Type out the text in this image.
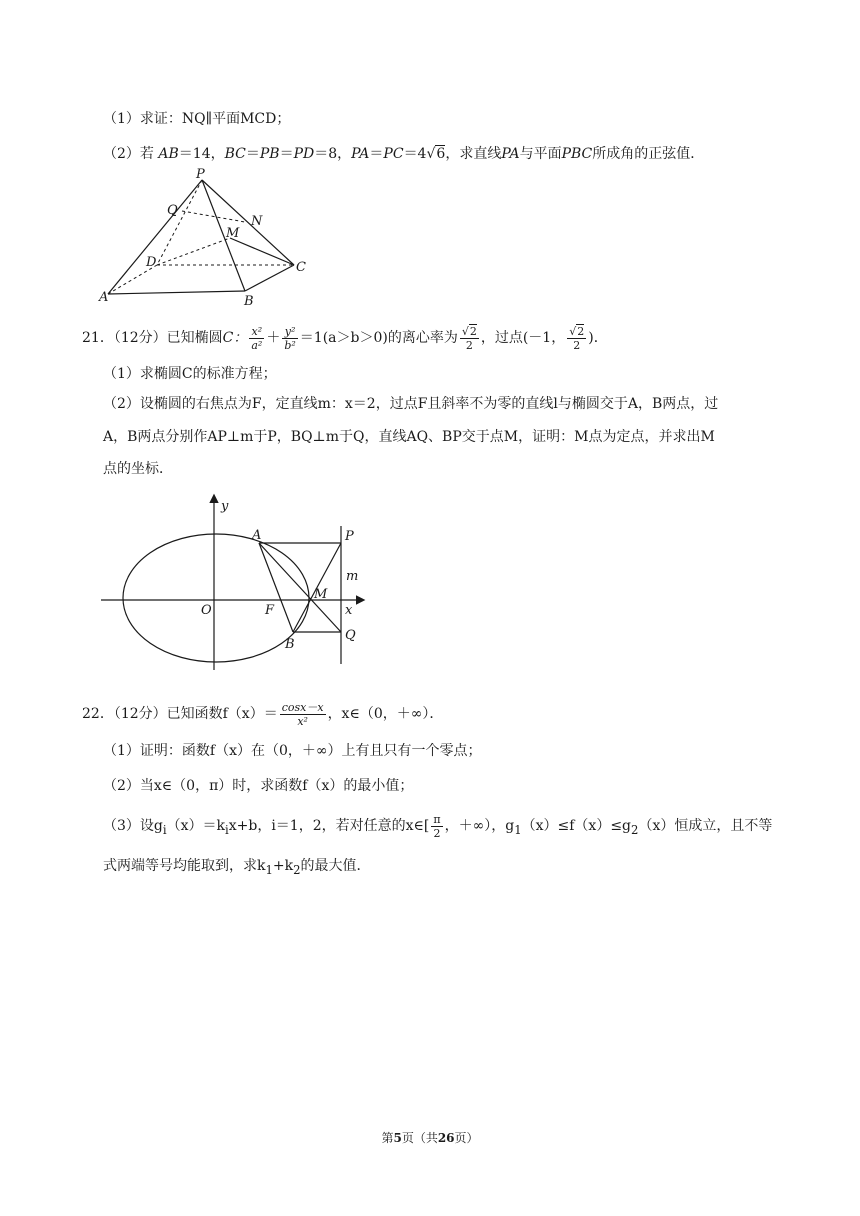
（1）求证：NQ∥平面MCD；
（2）若 AB＝14，BC＝PB＝PD＝8，PA＝PC＝4√6，求直线PA与平面PBC所成角的正弦值．
P
Q
N
M
D	C
A	B
21．（12分）已知椭圆C： $\frac{\text{x²}}{\text{a²}} + \frac{\text{y²}}{\text{b²}} =1(a>b>0)$的离心率为 $\frac{√2}{2}$ ，过点(－1， $\frac{√2}{2}$ )．
（1）求椭圆C的标准方程；
（2）设椭圆的右焦点为F，定直线m：x＝2，过点F且斜率不为零的直线l与椭圆交于A，B两点，过
A，B两点分别作AP⊥m于P，BQ⊥m于Q，直线AQ、BP交于点M，证明：M点为定点，并求出M
点的坐标．
y
x
O	F
A
B
M
P
Q
m
22．（12分）已知函数$f(x)= \frac{\cos x-x}{\text{x²}}$ ，x∈（0，＋∞）．
（1）证明：函数f（x）在（0，＋∞）上有且只有一个零点；
（2）当x∈（0，π）时，求函数f（x）的最小值；
（3）设$g_i(x)=k_ix+b$，i＝1，2，若对任意的x∈[ $\frac{\pi}{2}$ ，＋∞），$g_1(x)\le f(x)\le g_2(x)$恒成立，且不等
式两端等号均能取到，求$k_1+k_2$的最大值．
第5页（共26页）
